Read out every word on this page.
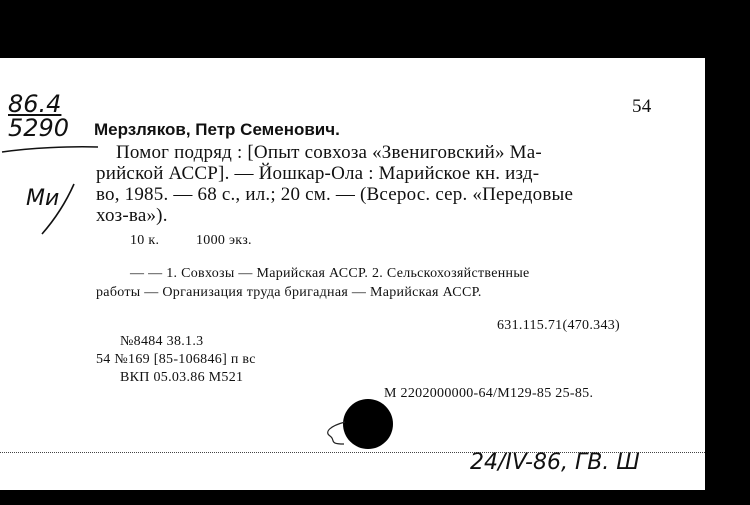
86.4
5290
Ми
54
Мерзляков, Петр Семенович.
Помог подряд : [Опыт совхоза «Звениговский» Ма-
рийской АССР]. — Йошкар-Ола : Марийское кн. изд-
во, 1985. — 68 с., ил.; 20 см. — (Всерос. сер. «Передовые
хоз-ва»).
10 к.	1000 экз.
— — 1. Совхозы — Марийская АССР. 2. Сельскохозяйственные
работы — Организация труда бригадная — Марийская АССР.
631.115.71(470.343)
№8484 38.1.3
54 №169 [85-106846] п вс
ВКП 05.03.86 М521
М 2202000000-64/М129-85 25-85.
24/IV-86, ГВ. Ш
